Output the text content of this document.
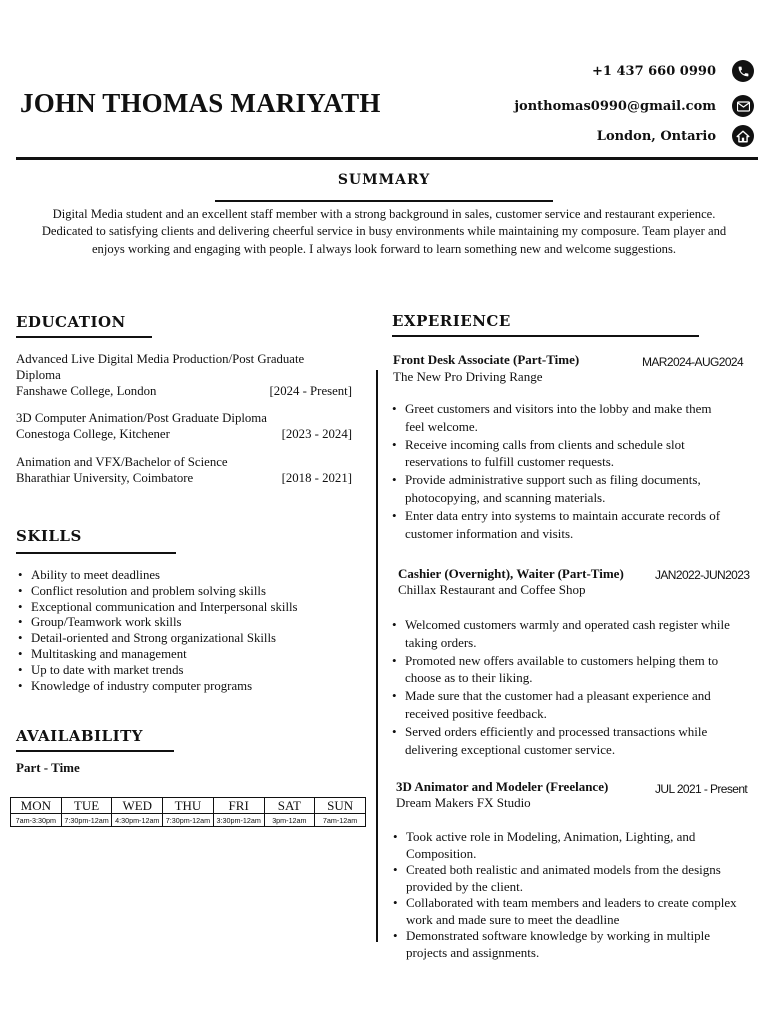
JOHN THOMAS MARIYATH
+1 437 660 0990
jonthomas0990@gmail.com
London, Ontario
SUMMARY
Digital Media student and an excellent staff member with a strong background in sales, customer service and restaurant experience. Dedicated to satisfying clients and delivering cheerful service in busy environments while maintaining my composure. Team player and enjoys working and engaging with people. I always look forward to learn something new and welcome suggestions.
EDUCATION
Advanced Live Digital Media Production/Post Graduate Diploma
Fanshawe College, London	[2024 - Present]
3D Computer Animation/Post Graduate Diploma
Conestoga College, Kitchener	[2023 - 2024]
Animation and VFX/Bachelor of Science
Bharathiar University, Coimbatore	[2018 - 2021]
SKILLS
• Ability to meet deadlines
• Conflict resolution and problem solving skills
• Exceptional communication and Interpersonal skills
• Group/Teamwork work skills
• Detail-oriented and Strong organizational Skills
• Multitasking and management
• Up to date with market trends
• Knowledge of industry computer programs
AVAILABILITY
Part - Time
MON	TUE	WED	THU	FRI	SAT	SUN
7am-3:30pm	7:30pm-12am	4:30pm-12am	7:30pm-12am	3:30pm-12am	3pm-12am	7am-12am
EXPERIENCE
Front Desk Associate (Part-Time)	MAR2024-AUG2024
The New Pro Driving Range
• Greet customers and visitors into the lobby and make them feel welcome.
• Receive incoming calls from clients and schedule slot reservations to fulfill customer requests.
• Provide administrative support such as filing documents, photocopying, and scanning materials.
• Enter data entry into systems to maintain accurate records of customer information and visits.
Cashier (Overnight), Waiter (Part-Time)	JAN2022-JUN2023
Chillax Restaurant and Coffee Shop
• Welcomed customers warmly and operated cash register while taking orders.
• Promoted new offers available to customers helping them to choose as to their liking.
• Made sure that the customer had a pleasant experience and received positive feedback.
• Served orders efficiently and processed transactions while delivering exceptional customer service.
3D Animator and Modeler (Freelance)	JUL 2021 - Present
Dream Makers FX Studio
• Took active role in Modeling, Animation, Lighting, and Composition.
• Created both realistic and animated models from the designs provided by the client.
• Collaborated with team members and leaders to create complex work and made sure to meet the deadline
• Demonstrated software knowledge by working in multiple projects and assignments.
